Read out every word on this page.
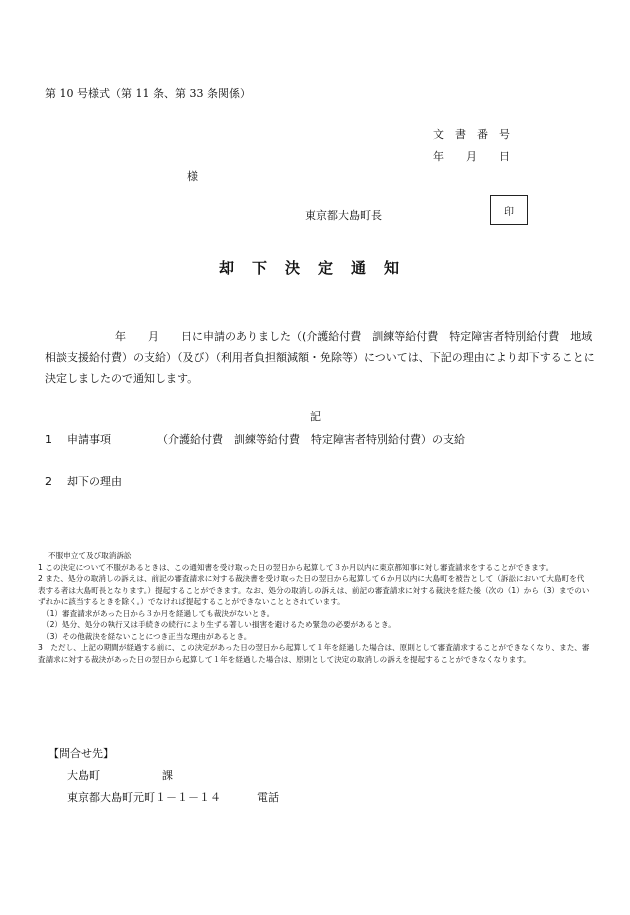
第 10 号様式（第 11 条、第 33 条関係）
文　書　番　号
年　　月　　日
様
東京都大島町長	印
却下決定通知
年　　月　　日に申請のありました（(介護給付費　訓練等給付費　特定障害者特別給付費　地域相談支援給付費）の支給）（及び）（利用者負担額減額・免除等）については、下記の理由により却下することに決定しましたので通知します。
記
1 申請事項	（介護給付費　訓練等給付費　特定障害者特別給付費）の支給
2 却下の理由

不服申立て及び取消訴訟

1 この決定について不服があるときは、この通知書を受け取った日の翌日から起算して３か月以内に東京都知事に対し審査請求をすることができます。

2 また、処分の取消しの訴えは、前記の審査請求に対する裁決書を受け取った日の翌日から起算して６か月以内に大島町を被告として（訴訟において大島町を代表する者は大島町長となります。）提起することができます。なお、処分の取消しの訴えは、前記の審査請求に対する裁決を経た後（次の（1）から（3）までのいずれかに該当するときを除く。）でなければ提起することができないこととされています。

（1）審査請求があった日から３か月を経過しても裁決がないとき。

（2）処分、処分の執行又は手続きの続行により生ずる著しい損害を避けるため緊急の必要があるとき。

（3）その他裁決を経ないことにつき正当な理由があるとき。

3　ただし、上記の期間が経過する前に、この決定があった日の翌日から起算して１年を経過した場合は、原則として審査請求することができなくなり、また、審査請求に対する裁決があった日の翌日から起算して１年を経過した場合は、原則として決定の取消しの訴えを提起することができなくなります。

【問合せ先】
大島町	課
東京都大島町元町１－１－１４	電話
